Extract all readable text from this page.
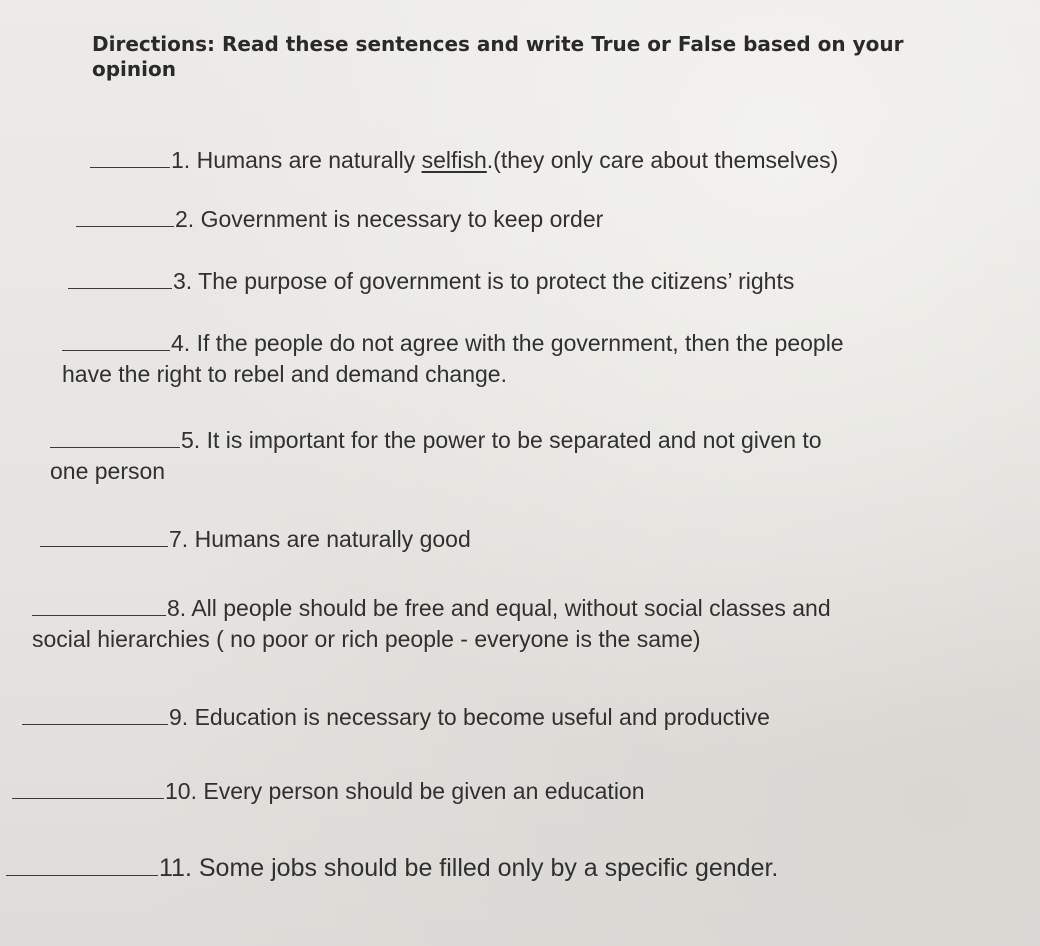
Directions: Read these sentences and write True or False based on your opinion
1. Humans are naturally selfish.(they only care about themselves)
2. Government is necessary to keep order
3. The purpose of government is to protect the citizens’ rights
4. If the people do not agree with the government, then the people
have the right to rebel and demand change.
5. It is important for the power to be separated and not given to
one person
7. Humans are naturally good
8. All people should be free and equal, without social classes and
social hierarchies ( no poor or rich people - everyone is the same)
9. Education is necessary to become useful and productive
10. Every person should be given an education
11. Some jobs should be filled only by a specific gender.
